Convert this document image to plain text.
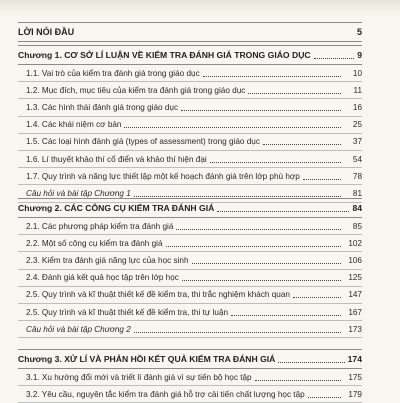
LỜI NÓI ĐẦU	5
Chương 1. CƠ SỞ LÍ LUẬN VỀ KIỂM TRA ĐÁNH GIÁ TRONG GIÁO DỤC	9
1.1. Vai trò của kiểm tra đánh giá trong giáo dục	10
1.2. Mục đích, mục tiêu của kiểm tra đánh giá trong giáo dục	11
1.3. Các hình thái đánh giá trong giáo dục	16
1.4. Các khái niệm cơ bản	25
1.5. Các loại hình đánh giá (types of assessment) trong giáo dục	37
1.6. Lí thuyết khảo thí cổ điển và khảo thí hiện đại	54
1.7. Quy trình và năng lực thiết lập một kế hoạch đánh giá trên lớp phù hợp	78
Câu hỏi và bài tập Chương 1	81
Chương 2. CÁC CÔNG CỤ KIỂM TRA ĐÁNH GIÁ	84
2.1. Các phương pháp kiểm tra đánh giá	85
2.2. Một số công cụ kiểm tra đánh giá	102
2.3. Kiểm tra đánh giá năng lực của học sinh	106
2.4. Đánh giá kết quả học tập trên lớp học	125
2.5. Quy trình và kĩ thuật thiết kế đề kiểm tra, thi trắc nghiệm khách quan	147
2.5. Quy trình và kĩ thuật thiết kế đề kiểm tra, thi tự luận	167
Câu hỏi và bài tập Chương 2	173
Chương 3. XỬ LÍ VÀ PHẢN HỒI KẾT QUẢ KIỂM TRA ĐÁNH GIÁ	174
3.1. Xu hướng đổi mới và triết lí đánh giá vì sự tiến bộ học tập	175
3.2. Yêu cầu, nguyên tắc kiểm tra đánh giá hỗ trợ cải tiến chất lượng học tập	179
